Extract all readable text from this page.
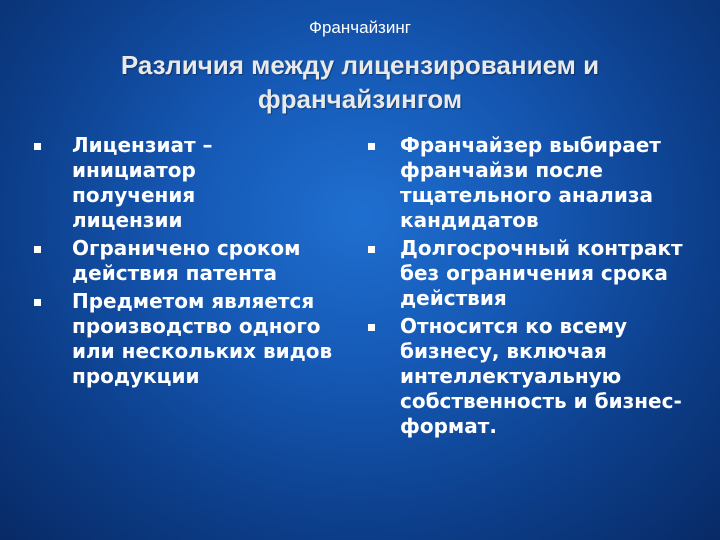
Франчайзинг
Различия между лицензированием и франчайзингом
Лицензиат – инициатор получения лицензии
Ограничено сроком действия патента
Предметом является производство одного или нескольких видов продукции
Франчайзер выбирает франчайзи после тщательного анализа кандидатов
Долгосрочный контракт без ограничения срока действия
Относится ко всему бизнесу, включая интеллектуальную собственность и бизнес-формат.
